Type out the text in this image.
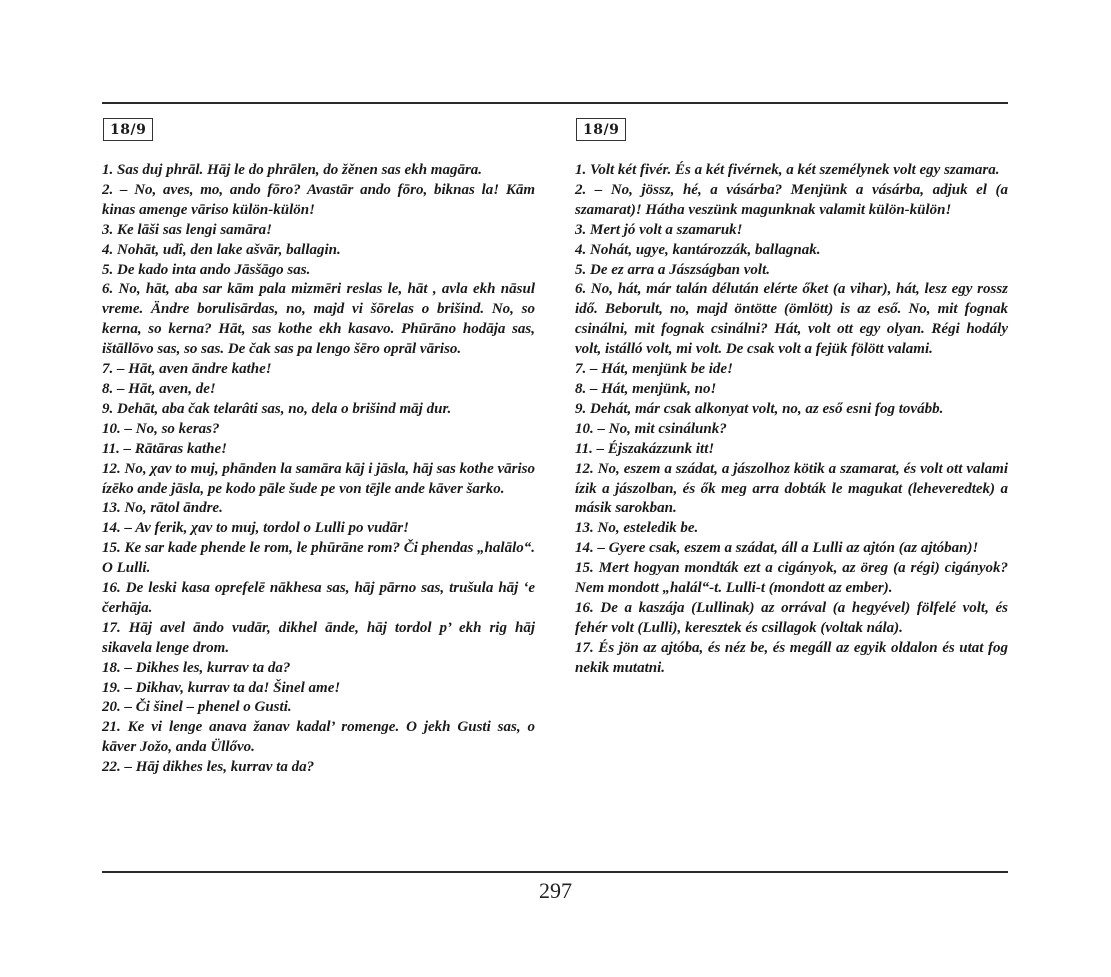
18/9
1. Sas duj phrāl. Hāj le do phrālen, do žěnen sas ekh magāra.
2. – No, aves, mo, ando fōro? Avastār ando fōro, biknas la! Kām kinas amenge vāriso külön-külön!
3. Ke lāši sas lengi samāra!
4. Nohāt, udî, den lake ašvār, ballagin.
5. De kado inta ando Jāsšāgo sas.
6. No, hāt, aba sar kām pala mizmēri reslas le, hāt , avla ekh nāsul vreme. Ändre borulisārdas, no, majd vi šōrelas o brišind. No, so kerna, so kerna? Hāt, sas kothe ekh kasavo. Phūrāno hodāja sas, ištāllōvo sas, so sas. De čak sas pa lengo šēro oprāl vāriso.
7. – Hāt, aven āndre kathe!
8. – Hāt, aven, de!
9. Dehāt, aba čak telarâti sas, no, dela o brišind māj dur.
10. – No, so keras?
11. – Rātāras kathe!
12. No, χav to muj, phānden la samāra kāj i jāsla, hāj sas kothe vāriso ízēko ande jāsla, pe kodo pāle šude pe von tējle ande kāver šarko.
13. No, rātol āndre.
14. – Av ferik, χav to muj, tordol o Lulli po vudār!
15. Ke sar kade phende le rom, le phūrāne rom? Či phendas „halālo“. O Lulli.
16. De leski kasa oprefelē nākhesa sas, hāj pārno sas, trušula hāj ‘e čerhāja.
17. Hāj avel āndo vudār, dikhel ānde, hāj tordol p’ ekh rig hāj sikavela lenge drom.
18. – Dikhes les, kurrav ta da?
19. – Dikhav, kurrav ta da! Šinel ame!
20. – Či šinel – phenel o Gusti.
21. Ke vi lenge anava žanav kadal’ romenge. O jekh Gusti sas, o kāver Jožo, anda Üllővo.
22. – Hāj dikhes les, kurrav ta da?
18/9
1. Volt két fivér. És a két fivérnek, a két személynek volt egy szamara.
2. – No, jössz, hé, a vásárba? Menjünk a vásárba, adjuk el (a szamarat)! Hátha veszünk magunknak valamit külön-külön!
3. Mert jó volt a szamaruk!
4. Nohát, ugye, kantározzák, ballagnak.
5. De ez arra a Jászságban volt.
6. No, hát, már talán délután elérte őket (a vihar), hát, lesz egy rossz idő. Beborult, no, majd öntötte (ömlött) is az eső. No, mit fognak csinálni, mit fognak csinálni? Hát, volt ott egy olyan. Régi hodály volt, istálló volt, mi volt. De csak volt a fejük fölött valami.
7. – Hát, menjünk be ide!
8. – Hát, menjünk, no!
9. Dehát, már csak alkonyat volt, no, az eső esni fog tovább.
10. – No, mit csinálunk?
11. – Éjszakázzunk itt!
12. No, eszem a szádat, a jászolhoz kötik a szamarat, és volt ott valami ízik a jászolban, és ők meg arra dobták le magukat (leheveredtek) a másik sarokban.
13. No, esteledik be.
14. – Gyere csak, eszem a szádat, áll a Lulli az ajtón (az ajtóban)!
15. Mert hogyan mondták ezt a cigányok, az öreg (a régi) cigányok? Nem mondott „halál“-t. Lulli-t (mondott az ember).
16. De a kaszája (Lullinak) az orrával (a hegyével) fölfelé volt, és fehér volt (Lulli), keresztek és csillagok (voltak nála).
17. És jön az ajtóba, és néz be, és megáll az egyik oldalon és utat fog nekik mutatni.
297
